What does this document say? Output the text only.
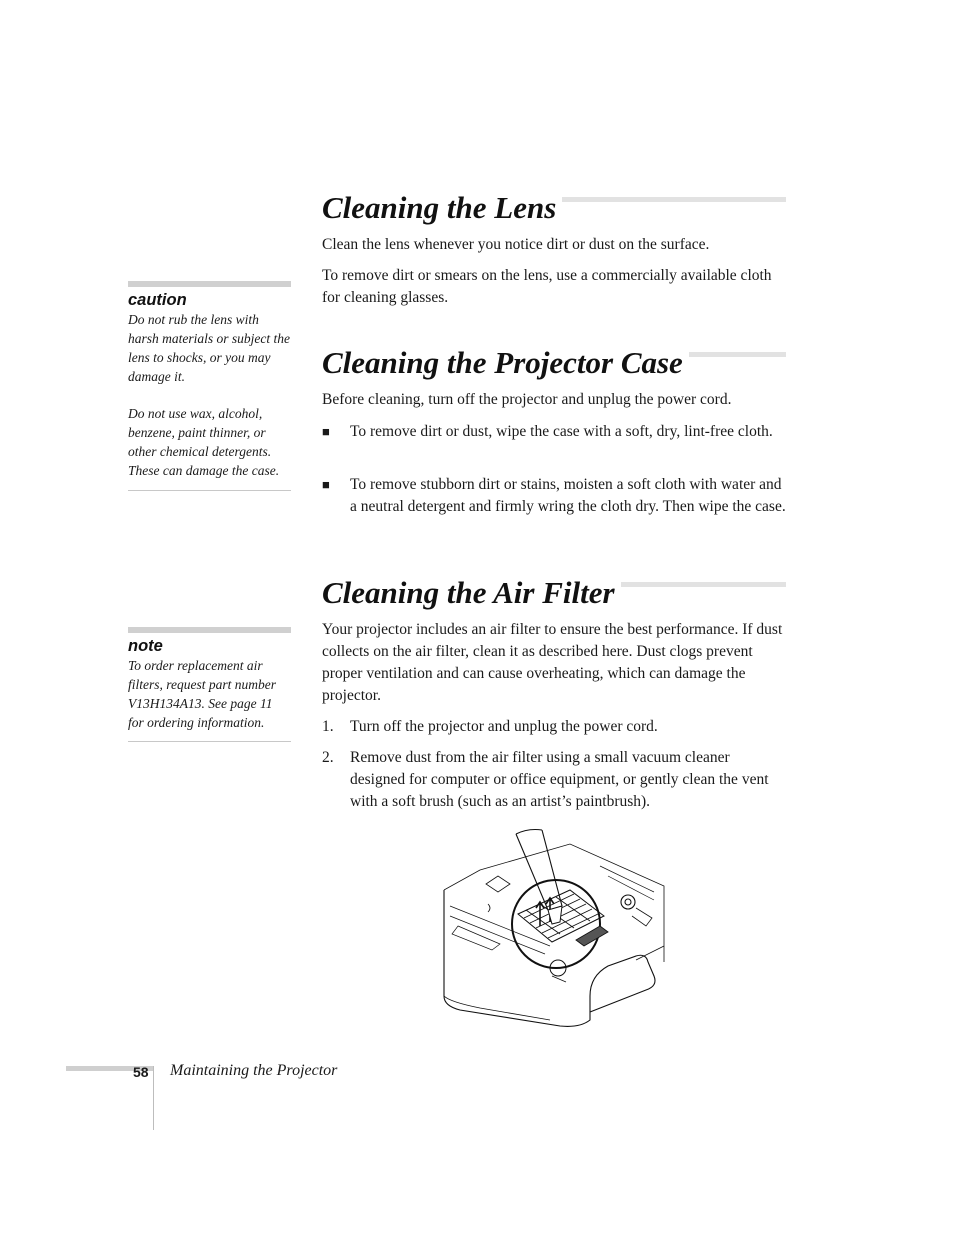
Cleaning the Lens

Clean the lens whenever you notice dirt or dust on the surface.

To remove dirt or smears on the lens, use a commercially available cloth for cleaning glasses.

Cleaning the Projector Case

Before cleaning, turn off the projector and unplug the power cord.

■ To remove dirt or dust, wipe the case with a soft, dry, lint-free cloth.
■ To remove stubborn dirt or stains, moisten a soft cloth with water and a neutral detergent and firmly wring the cloth dry. Then wipe the case.
Cleaning the Air Filter

Your projector includes an air filter to ensure the best performance. If dust collects on the air filter, clean it as described here. Dust clogs prevent proper ventilation and can cause overheating, which can damage the projector.

1. Turn off the projector and unplug the power cord.
2. Remove dust from the air filter using a small vacuum cleaner designed for computer or office equipment, or gently clean the vent with a soft brush (such as an artist’s paintbrush).
caution

Do not rub the lens with harsh materials or subject the lens to shocks, or you may damage it.

Do not use wax, alcohol, benzene, paint thinner, or other chemical detergents. These can damage the case.

note

To order replacement air filters, request part number V13H134A13. See page 11 for ordering information.

58 Maintaining the Projector
